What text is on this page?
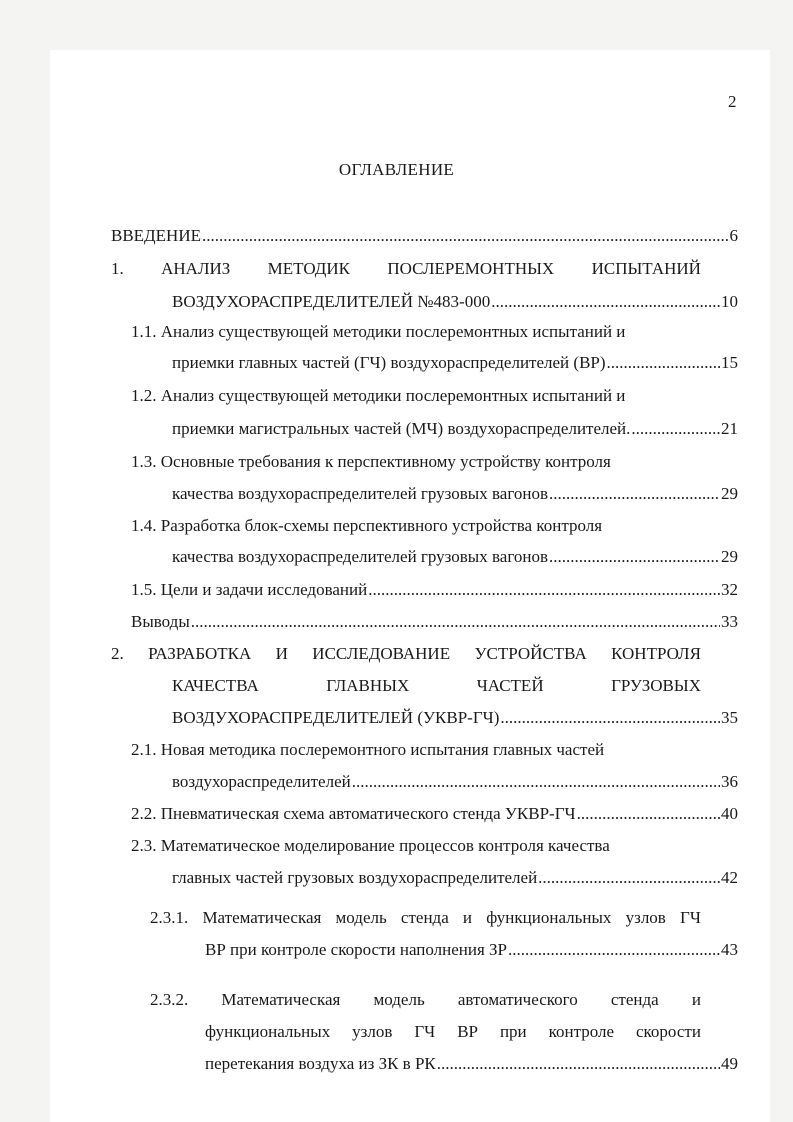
2
ОГЛАВЛЕНИЕ
ВВЕДЕНИЕ .....	6
1. АНАЛИЗ МЕТОДИК ПОСЛЕРЕМОНТНЫХ ИСПЫТАНИЙ
ВОЗДУХОРАСПРЕДЕЛИТЕЛЕЙ №483-000 .....	10
1.1. Анализ существующей методики послеремонтных испытаний и
приемки главных частей (ГЧ) воздухораспределителей (ВР) .....	15
1.2. Анализ существующей методики послеремонтных испытаний и
приемки магистральных частей (МЧ) воздухораспределителей. .....	21
1.3. Основные требования к перспективному устройству контроля
качества воздухораспределителей грузовых вагонов .....	29
1.4. Разработка блок-схемы перспективного устройства контроля
качества воздухораспределителей грузовых вагонов .....	29
1.5. Цели и задачи исследований .....	32
Выводы .....	33
2. РАЗРАБОТКА И ИССЛЕДОВАНИЕ УСТРОЙСТВА КОНТРОЛЯ
КАЧЕСТВА	ГЛАВНЫХ	ЧАСТЕЙ	ГРУЗОВЫХ
ВОЗДУХОРАСПРЕДЕЛИТЕЛЕЙ (УКВР-ГЧ) .....	35
2.1. Новая методика послеремонтного испытания главных частей
воздухораспределителей .....	36
2.2. Пневматическая схема автоматического стенда УКВР-ГЧ .....	40
2.3. Математическое моделирование процессов контроля качества
главных частей грузовых воздухораспределителей .....	42
2.3.1. Математическая модель стенда и функциональных узлов ГЧ
ВР при контроле скорости наполнения ЗР .....	43
2.3.2. Математическая модель автоматического стенда и
функциональных узлов ГЧ ВР при контроле скорости
перетекания воздуха из ЗК в РК .....	49
